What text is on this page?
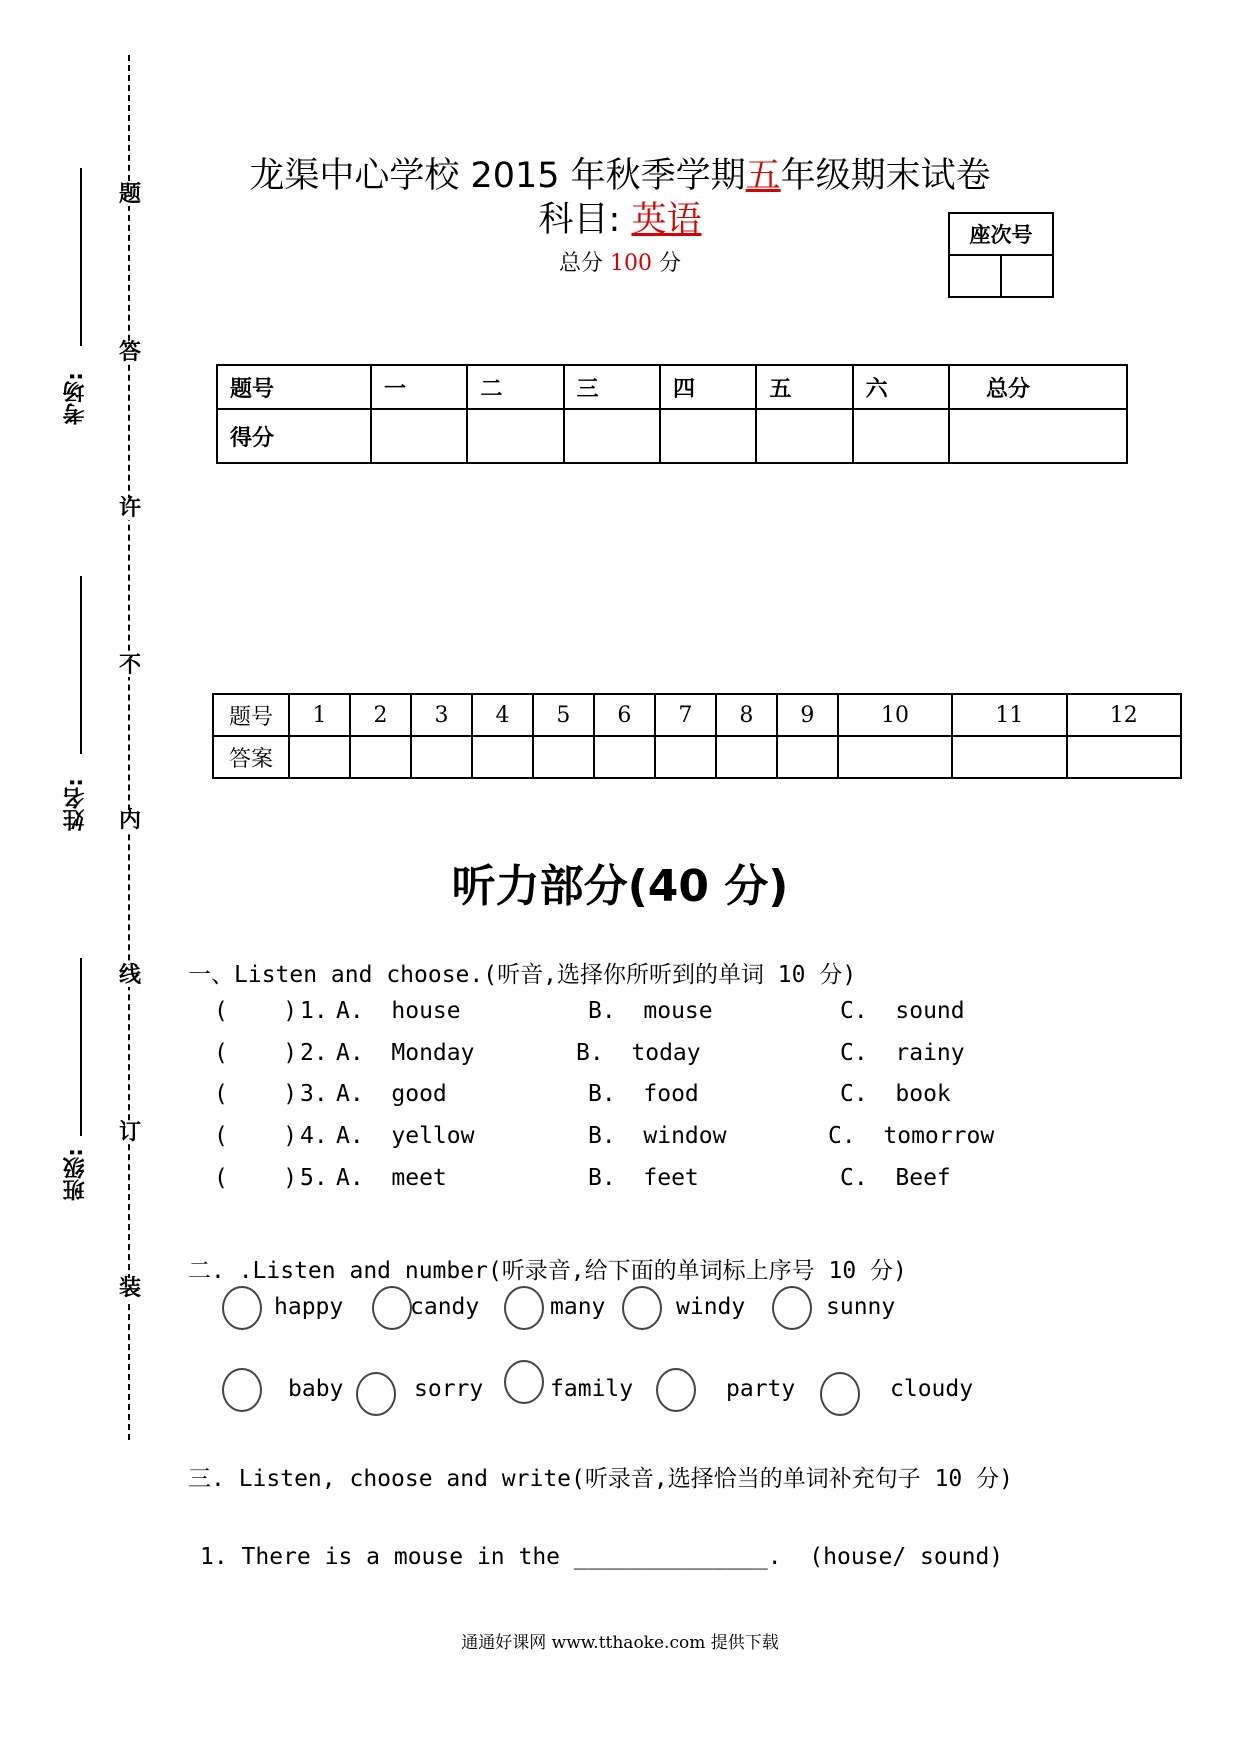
题
答
许
不
内
线
订
装
考场:
姓名:
班级:
龙渠中心学校 2015 年秋季学期五年级期末试卷
科目: 英语
总分 100 分
座次号

题号	一	二	三	四	五	六	总分
得分							
题号	1	2	3	4	5	6	7	8	9	10	11	12
答案												
听力部分(40 分)
一、Listen and choose.(听音,选择你所听到的单词 10 分)
(    ) 1. A.  house	B.  mouse	C.  sound
(    ) 2. A.  Monday	B.  today	C.  rainy
(    ) 3. A.  good	B.  food	C.  book
(    ) 4. A.  yellow	B.  window	C.  tomorrow
(    ) 5. A.  meet	B.  feet	C.  Beef
二. .Listen and number(听录音,给下面的单词标上序号 10 分)
happy	candy	many	windy	sunny
baby	sorry	family	party	cloudy
三. Listen, choose and write(听录音,选择恰当的单词补充句子 10 分)
1. There is a mouse in the ______________.  (house/ sound)
通通好课网 www.tthaoke.com 提供下载
